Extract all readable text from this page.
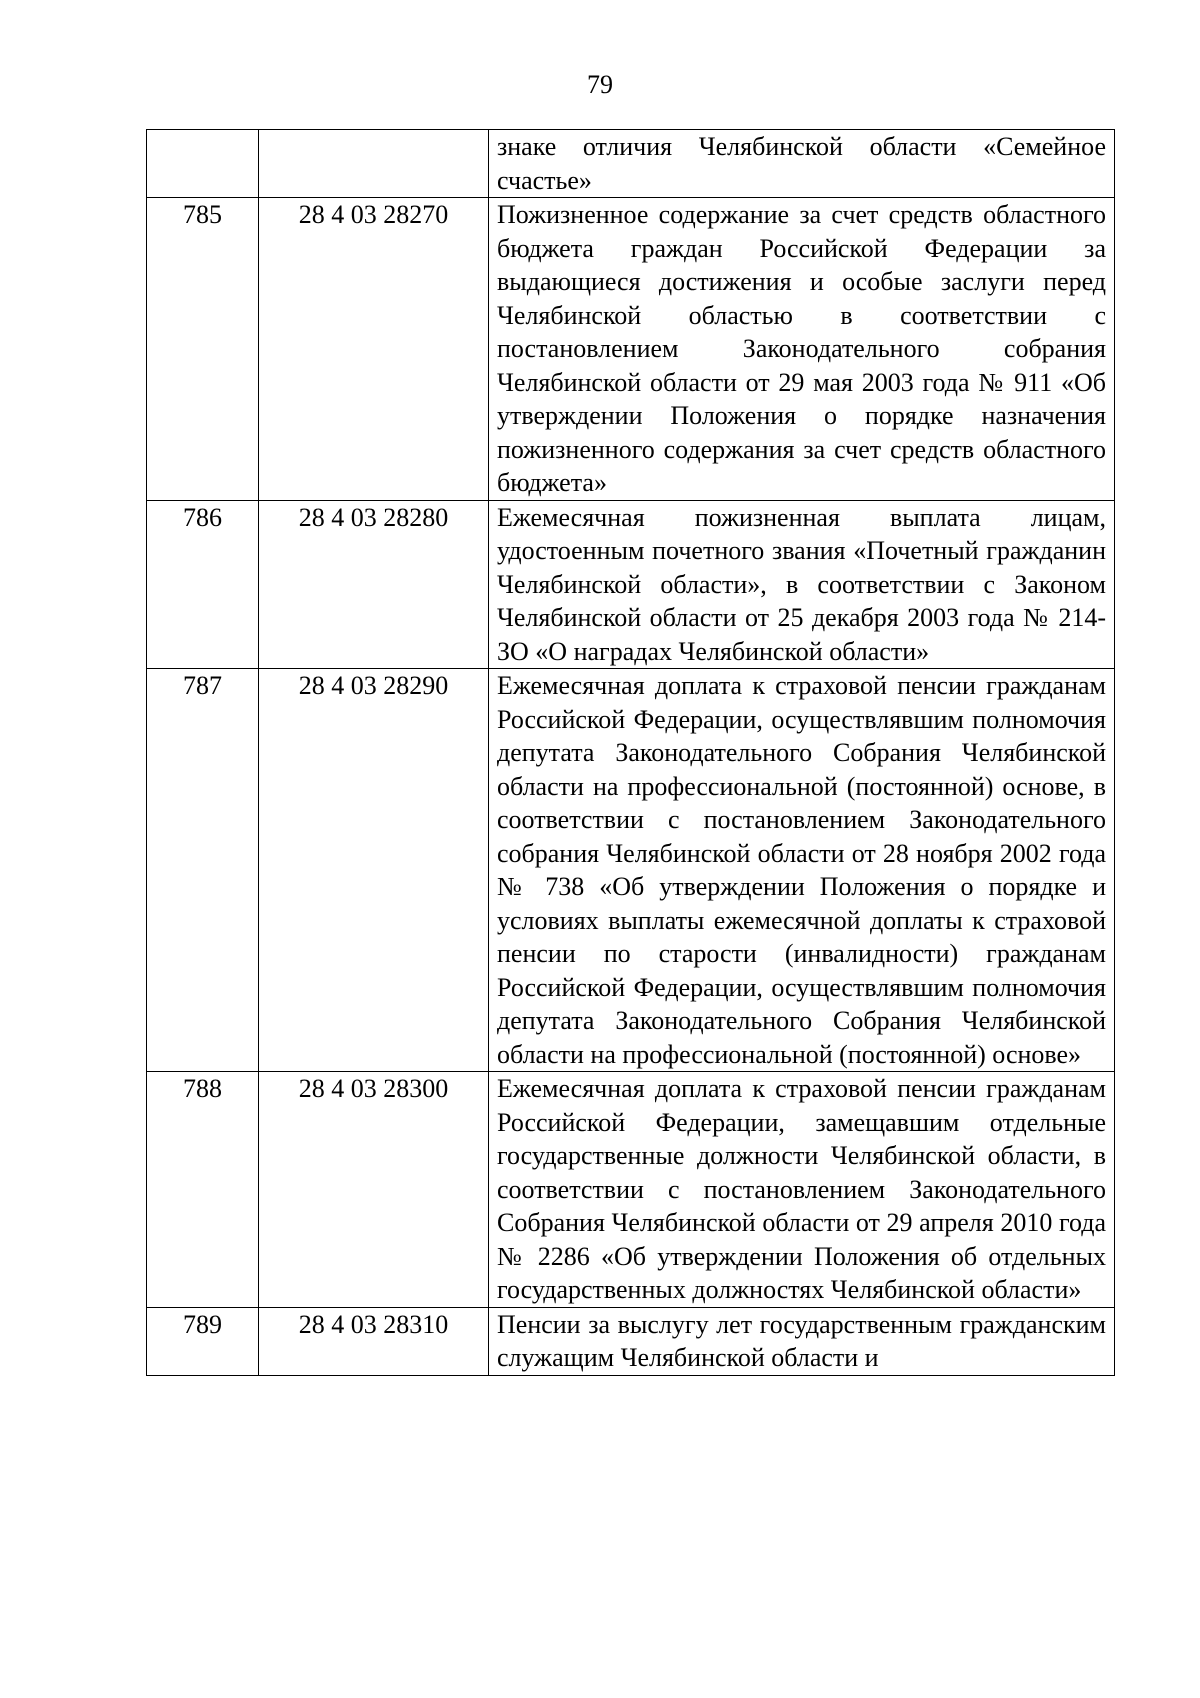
79
		знаке отличия Челябинской области «Семейное счастье»
785	28 4 03 28270	Пожизненное содержание за счет средств областного бюджета граждан Российской Федерации за выдающиеся достижения и особые заслуги перед Челябинской областью в соответствии с постановлением Законодательного собрания Челябинской области от 29 мая 2003 года № 911 «Об утверждении Положения о порядке назначения пожизненного содержания за счет средств областного бюджета»
786	28 4 03 28280	Ежемесячная пожизненная выплата лицам, удостоенным почетного звания «Почетный гражданин Челябинской области», в соответствии с Законом Челябинской области от 25 декабря 2003 года № 214-ЗО «О наградах Челябинской области»
787	28 4 03 28290	Ежемесячная доплата к страховой пенсии гражданам Российской Федерации, осуществлявшим полномочия депутата Законодательного Собрания Челябинской области на профессиональной (постоянной) основе, в соответствии с постановлением Законодательного собрания Челябинской области от 28 ноября 2002 года № 738 «Об утверждении Положения о порядке и условиях выплаты ежемесячной доплаты к страховой пенсии по старости (инвалидности) гражданам Российской Федерации, осуществлявшим полномочия депутата Законодательного Собрания Челябинской области на профессиональной (постоянной) основе»
788	28 4 03 28300	Ежемесячная доплата к страховой пенсии гражданам Российской Федерации, замещавшим отдельные государственные должности Челябинской области, в соответствии с постановлением Законодательного Собрания Челябинской области от 29 апреля 2010 года № 2286 «Об утверждении Положения об отдельных государственных должностях Челябинской области»
789	28 4 03 28310	Пенсии за выслугу лет государственным гражданским служащим Челябинской области и
